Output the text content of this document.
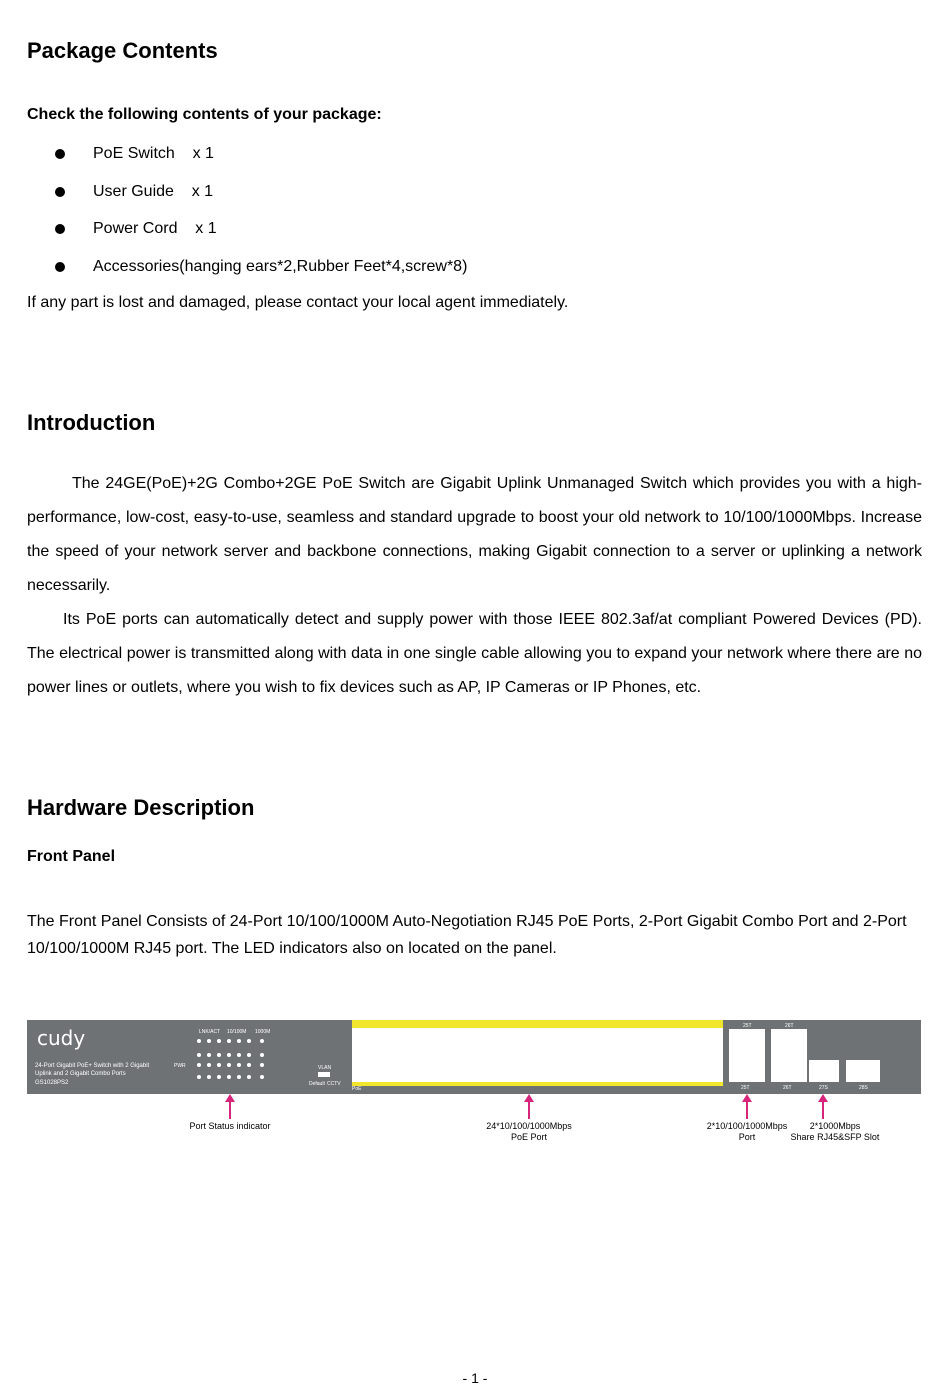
Package Contents
Check the following contents of your package:
PoE Switch    x 1
User Guide    x 1
Power Cord    x 1
Accessories(hanging ears*2,Rubber Feet*4,screw*8)
If any part is lost and damaged, please contact your local agent immediately.
Introduction

The 24GE(PoE)+2G Combo+2GE PoE Switch are Gigabit Uplink Unmanaged Switch which provides you with a high-performance, low-cost, easy-to-use, seamless and standard upgrade to boost your old network to 10/100/1000Mbps. Increase the speed of your network server and backbone connections, making Gigabit connection to a server or uplinking a network necessarily.

Its PoE ports can automatically detect and supply power with those IEEE 802.3af/at compliant Powered Devices (PD). The electrical power is transmitted along with data in one single cable allowing you to expand your network where there are no power lines or outlets, where you wish to fix devices such as AP, IP Cameras or IP Phones, etc.

Hardware Description
Front Panel
The Front Panel Consists of 24-Port 10/100/1000M Auto-Negotiation RJ45 PoE Ports, 2-Port Gigabit Combo Port and 2-Port 10/100/1000M RJ45 port. The LED indicators also on located on the panel.
cudy
24-Port Gigabit PoE+ Switch with 2 Gigabit Uplink and 2 Gigabit Combo Ports
GS1028PS2
LNK/ACT 10/100M 1000M
PWR	VLAN
Default CCTV
PoE
25T	26T
25T	26T	27S	28S
Port Status indicator	24*10/100/1000Mbps
PoE Port
2*10/100/1000Mbps
Port
2*1000Mbps
Share RJ45&SFP Slot
- 1 -
